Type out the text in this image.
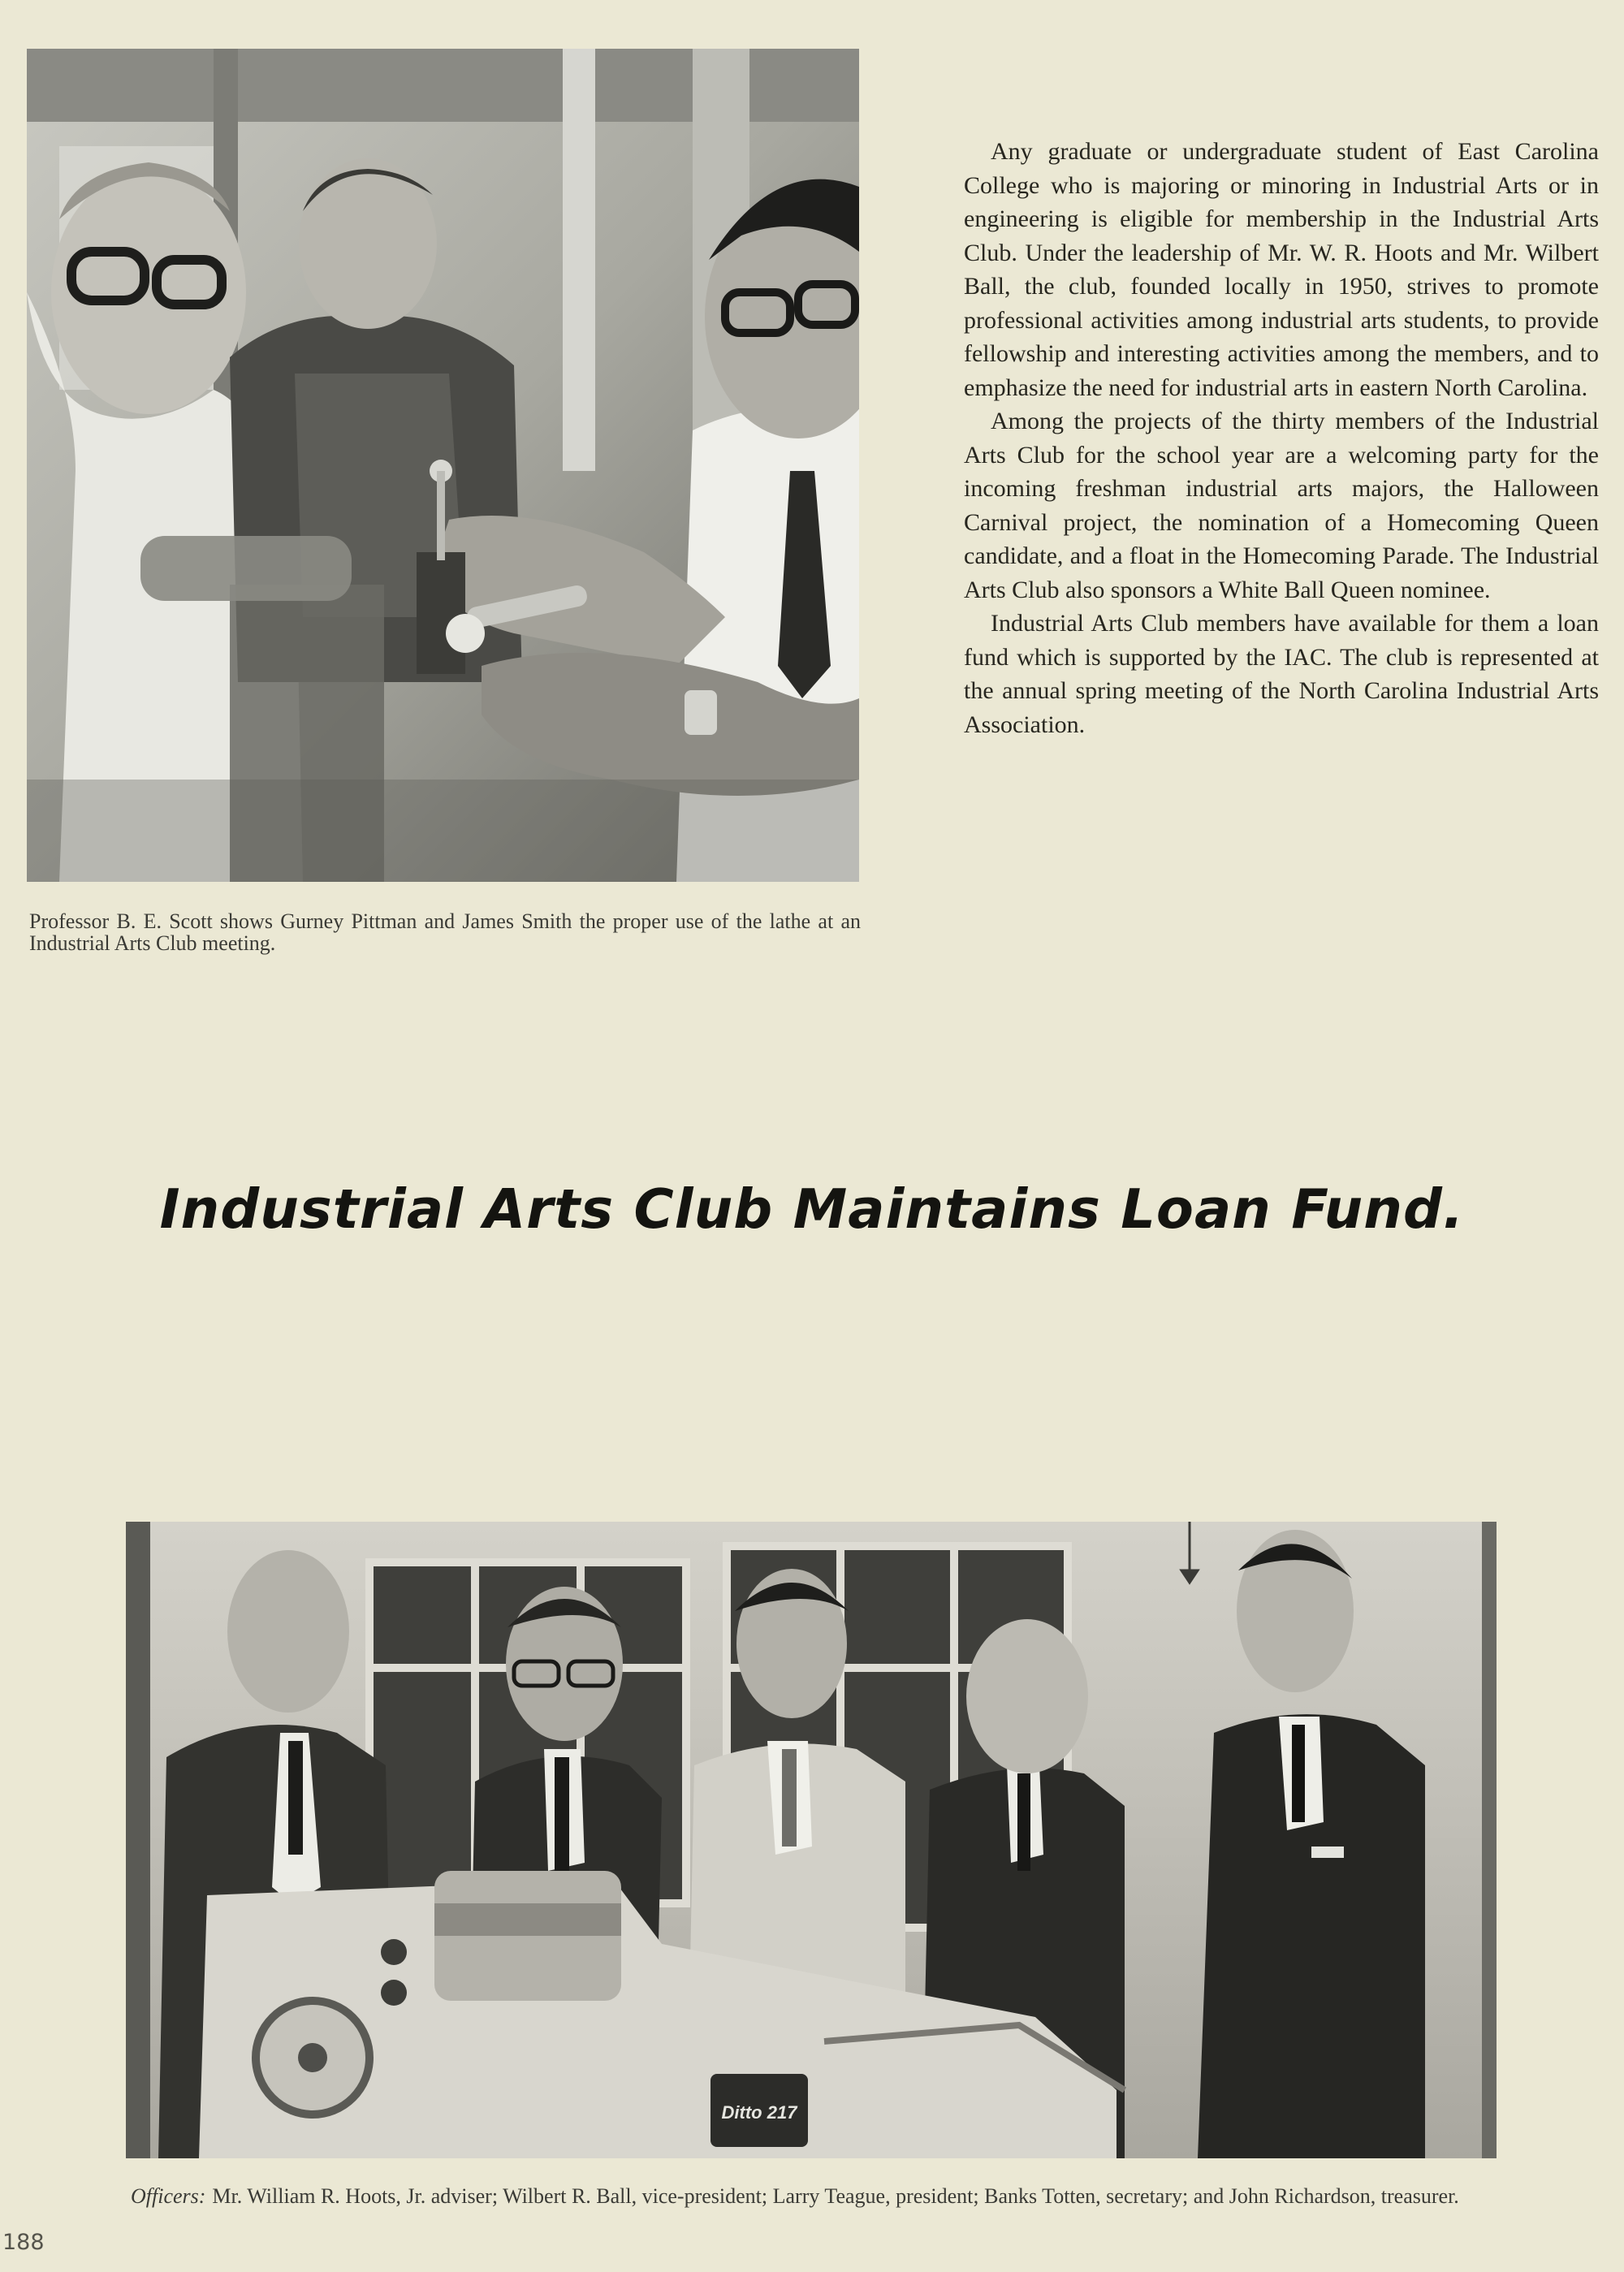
Professor B. E. Scott shows Gurney Pittman and James Smith the proper use of the lathe at an Industrial Arts Club meeting.

Any graduate or undergraduate student of East Carolina College who is majoring or minoring in Industrial Arts or in engineering is eligible for membership in the Industrial Arts Club. Under the leadership of Mr. W. R. Hoots and Mr. Wilbert Ball, the club, founded locally in 1950, strives to promote professional activities among industrial arts students, to provide fellowship and interesting activities among the members, and to emphasize the need for industrial arts in eastern North Carolina.

Among the projects of the thirty members of the Industrial Arts Club for the school year are a welcoming party for the incoming freshman industrial arts majors, the Halloween Carnival project, the nomination of a Homecoming Queen candidate, and a float in the Homecoming Parade. The Industrial Arts Club also sponsors a White Ball Queen nominee.

Industrial Arts Club members have available for them a loan fund which is supported by the IAC. The club is represented at the annual spring meeting of the North Carolina Industrial Arts Association.

Industrial Arts Club Maintains Loan Fund.
Ditto 217
Officers: Mr. William R. Hoots, Jr. adviser; Wilbert R. Ball, vice-president; Larry Teague, president; Banks Totten, secretary; and John Richardson, treasurer.
188
